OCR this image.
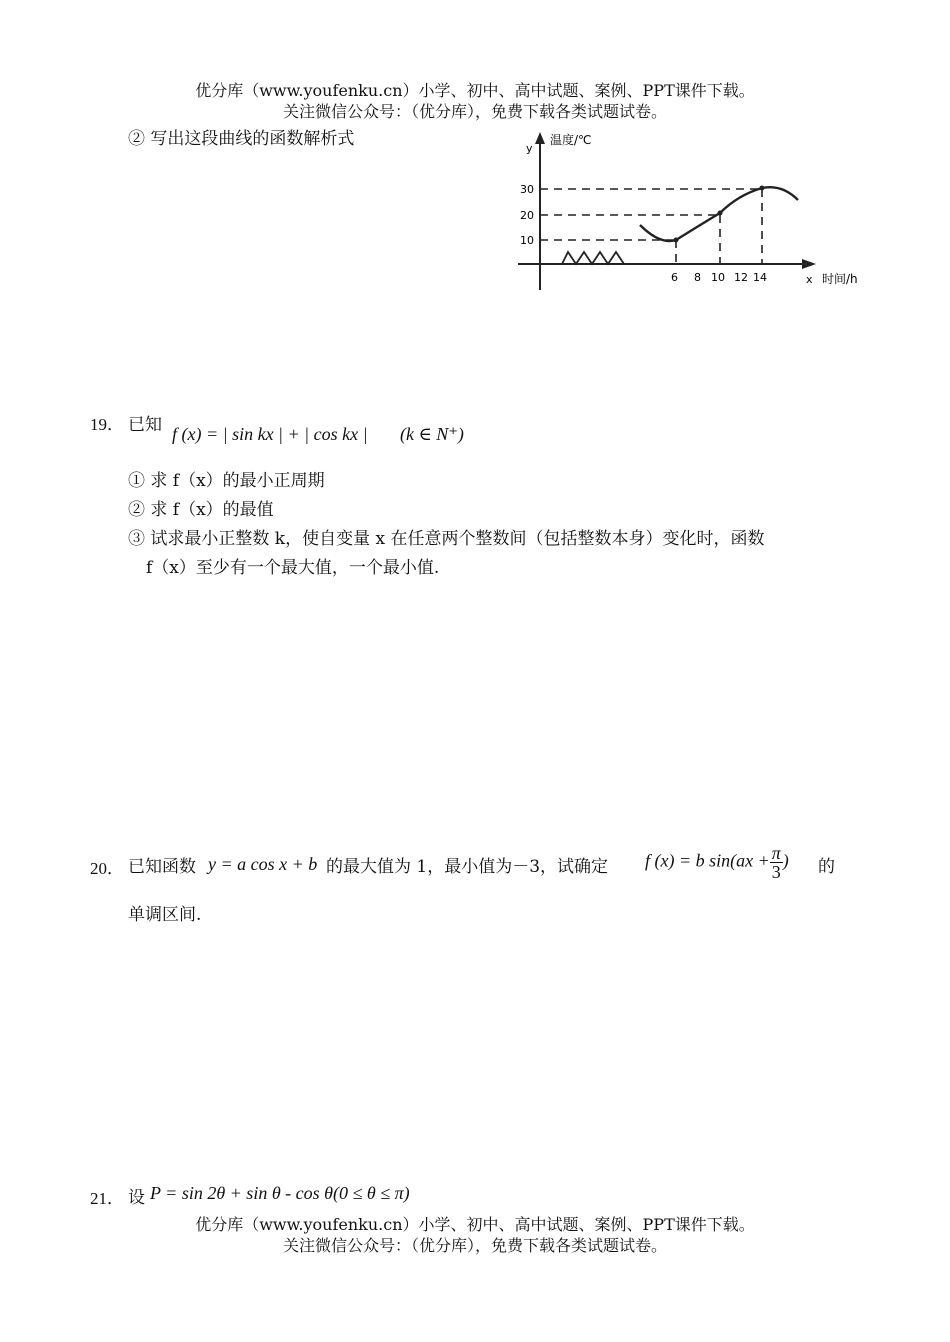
优分库（www.youfenku.cn）小学、初中、高中试题、案例、PPT课件下载。
关注微信公众号：（优分库），免费下载各类试题试卷。
② 写出这段曲线的函数解析式	y
温度/℃
x 时间/h
30
20
10
6 8 10 12 14
19． 已知 f (x) = | sin kx | + | cos kx | (k ∈ N⁺)
① 求 f（x）的最小正周期
② 求 f（x）的最值
③ 试求最小正整数 k，使自变量 x 在任意两个整数间（包括整数本身）变化时，函数
f（x）至少有一个最大值，一个最小值.
20． 已知函数 y = a cos x + b 的最大值为 1，最小值为－3，试确定 f (x) = b $\sin(ax + \frac{\pi}{3}$ ) 的
单调区间.
21． 设 P = sin 2θ + sin θ - cos θ(0 ≤ θ ≤ π)
优分库（www.youfenku.cn）小学、初中、高中试题、案例、PPT课件下载。
关注微信公众号：（优分库），免费下载各类试题试卷。
